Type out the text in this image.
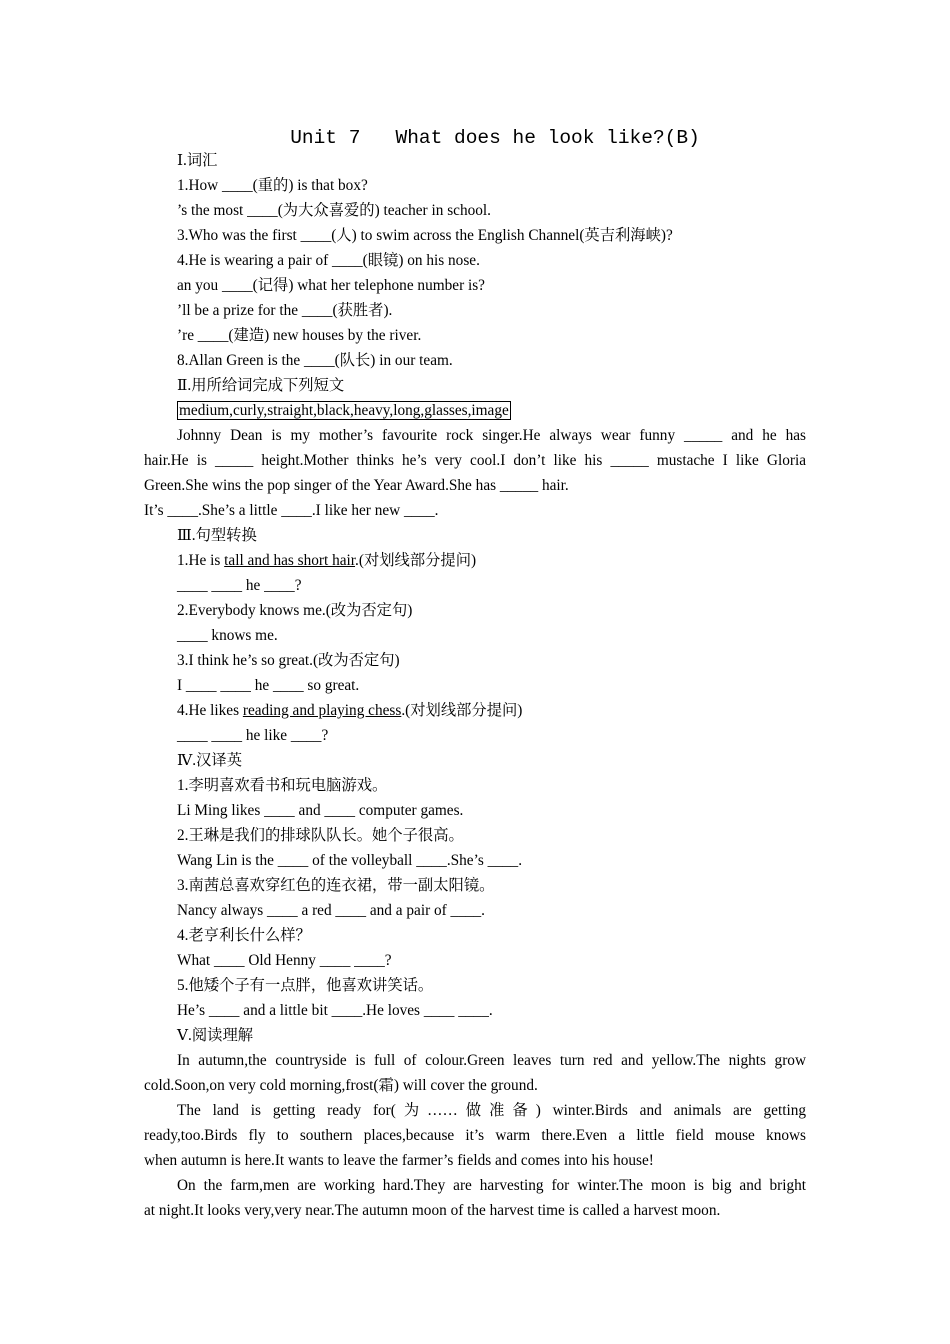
Unit 7   What does he look like?(B)
Ⅰ.词汇
1.How ____(重的) is that box?
’s the most ____(为大众喜爱的) teacher in school.
3.Who was the first ____(人) to swim across the English Channel(英吉利海峡)?
4.He is wearing a pair of ____(眼镜) on his nose.
an you ____(记得) what her telephone number is?
’ll be a prize for the ____(获胜者).
’re ____(建造) new houses by the river.
8.Allan Green is the ____(队长) in our team.
Ⅱ.用所给词完成下列短文
medium,curly,straight,black,heavy,long,glasses,image
Johnny Dean is my mother’s favourite rock singer.He always wear funny _____ and he has
hair.He is _____ height.Mother thinks he’s very cool.I don’t like his _____ mustache I like Gloria
Green.She wins the pop singer of the Year Award.She has _____ hair.
It’s ____.She’s a little ____.I like her new ____.
Ⅲ.句型转换
1.He is tall and has short hair.(对划线部分提问)
____ ____ he ____?
2.Everybody knows me.(改为否定句)
____ knows me.
3.I think he’s so great.(改为否定句)
I ____ ____ he ____ so great.
4.He likes reading and playing chess.(对划线部分提问)
____ ____ he like ____?
Ⅳ.汉译英
1.李明喜欢看书和玩电脑游戏。
Li Ming likes ____ and ____ computer games.
2.王琳是我们的排球队队长。她个子很高。
Wang Lin is the ____ of the volleyball ____.She’s ____.
3.南茜总喜欢穿红色的连衣裙，带一副太阳镜。
Nancy always ____ a red ____ and a pair of ____.
4.老亨利长什么样？
What ____ Old Henny ____ ____?
5.他矮个子有一点胖，他喜欢讲笑话。
He’s ____ and a little bit ____.He loves ____ ____.
Ⅴ.阅读理解
In autumn,the countryside is full of colour.Green leaves turn red and yellow.The nights grow
cold.Soon,on very cold morning,frost(霜) will cover the ground.
The land is getting ready for(为……做准备) winter.Birds and animals are getting
ready,too.Birds fly to southern places,because it’s warm there.Even a little field mouse knows
when autumn is here.It wants to leave the farmer’s fields and comes into his house!
On the farm,men are working hard.They are harvesting for winter.The moon is big and bright
at night.It looks very,very near.The autumn moon of the harvest time is called a harvest moon.
